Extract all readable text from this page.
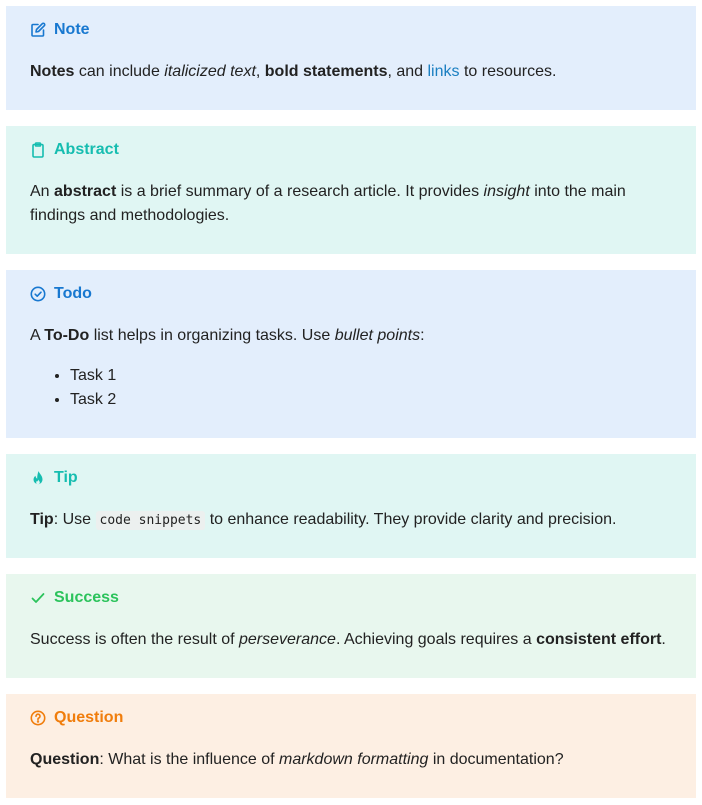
Note

Notes can include italicized text, bold statements, and links to resources.

Abstract

An abstract is a brief summary of a research article. It provides insight into the main findings and methodologies.

Todo

A To-Do list helps in organizing tasks. Use bullet points:

• Task 1
• Task 2
Tip

Tip: Use code snippets to enhance readability. They provide clarity and precision.

Success

Success is often the result of perseverance. Achieving goals requires a consistent effort.

Question

Question: What is the influence of markdown formatting in documentation?
